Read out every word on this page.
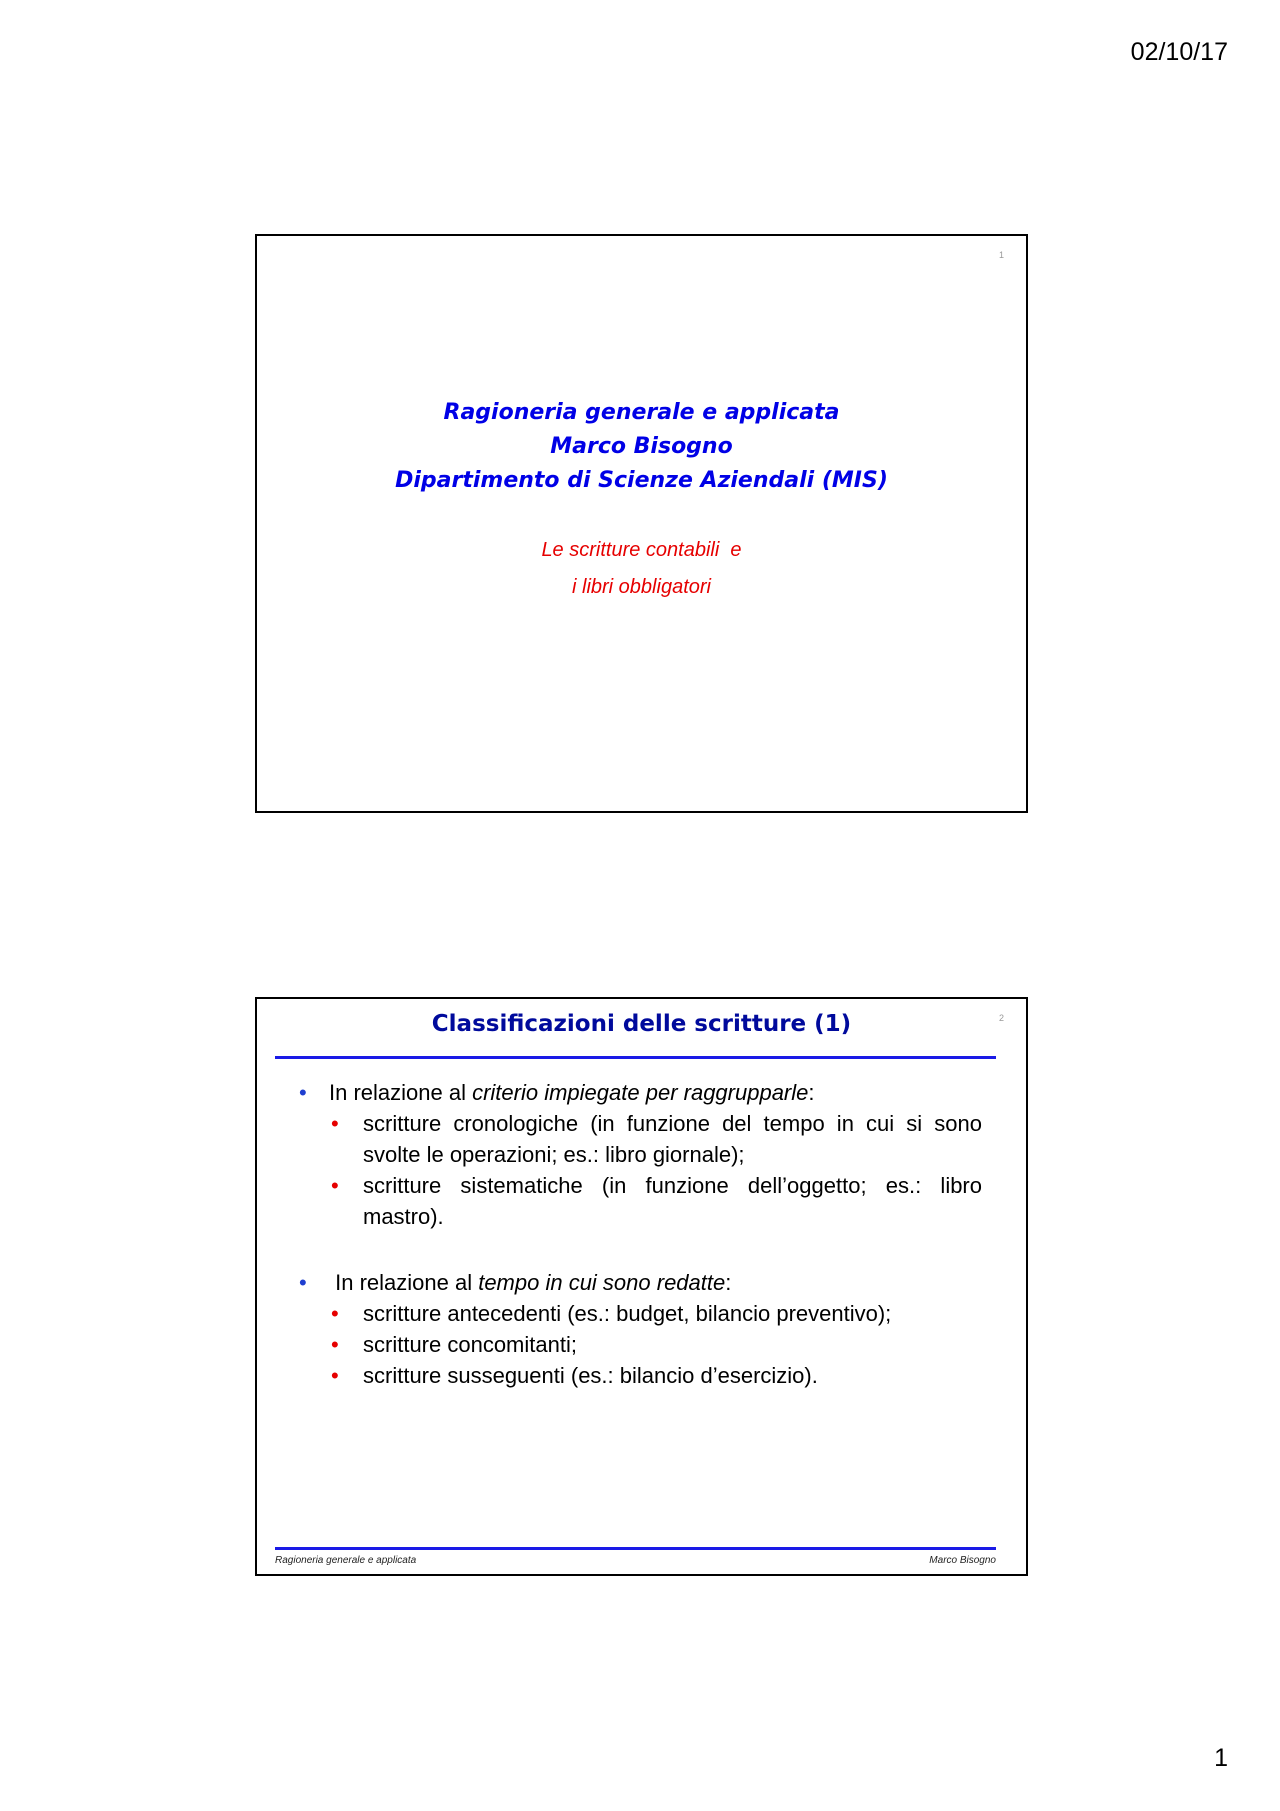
02/10/17
1
Ragioneria generale e applicata
Marco Bisogno
Dipartimento di Scienze Aziendali (MIS)
Le scritture contabili  e
i libri obbligatori
2
Classificazioni delle scritture (1)
•	In relazione al criterio impiegate per raggrupparle:
•	scritture cronologiche (in funzione del tempo in cui si sono svolte le operazioni; es.: libro giornale);
•	scritture sistematiche (in funzione dell’oggetto; es.: libro mastro).
•	In relazione al tempo in cui sono redatte:
•	scritture antecedenti (es.: budget, bilancio preventivo);
•	scritture concomitanti;
•	scritture susseguenti (es.: bilancio d’esercizio).
Ragioneria generale e applicata	Marco Bisogno
1
